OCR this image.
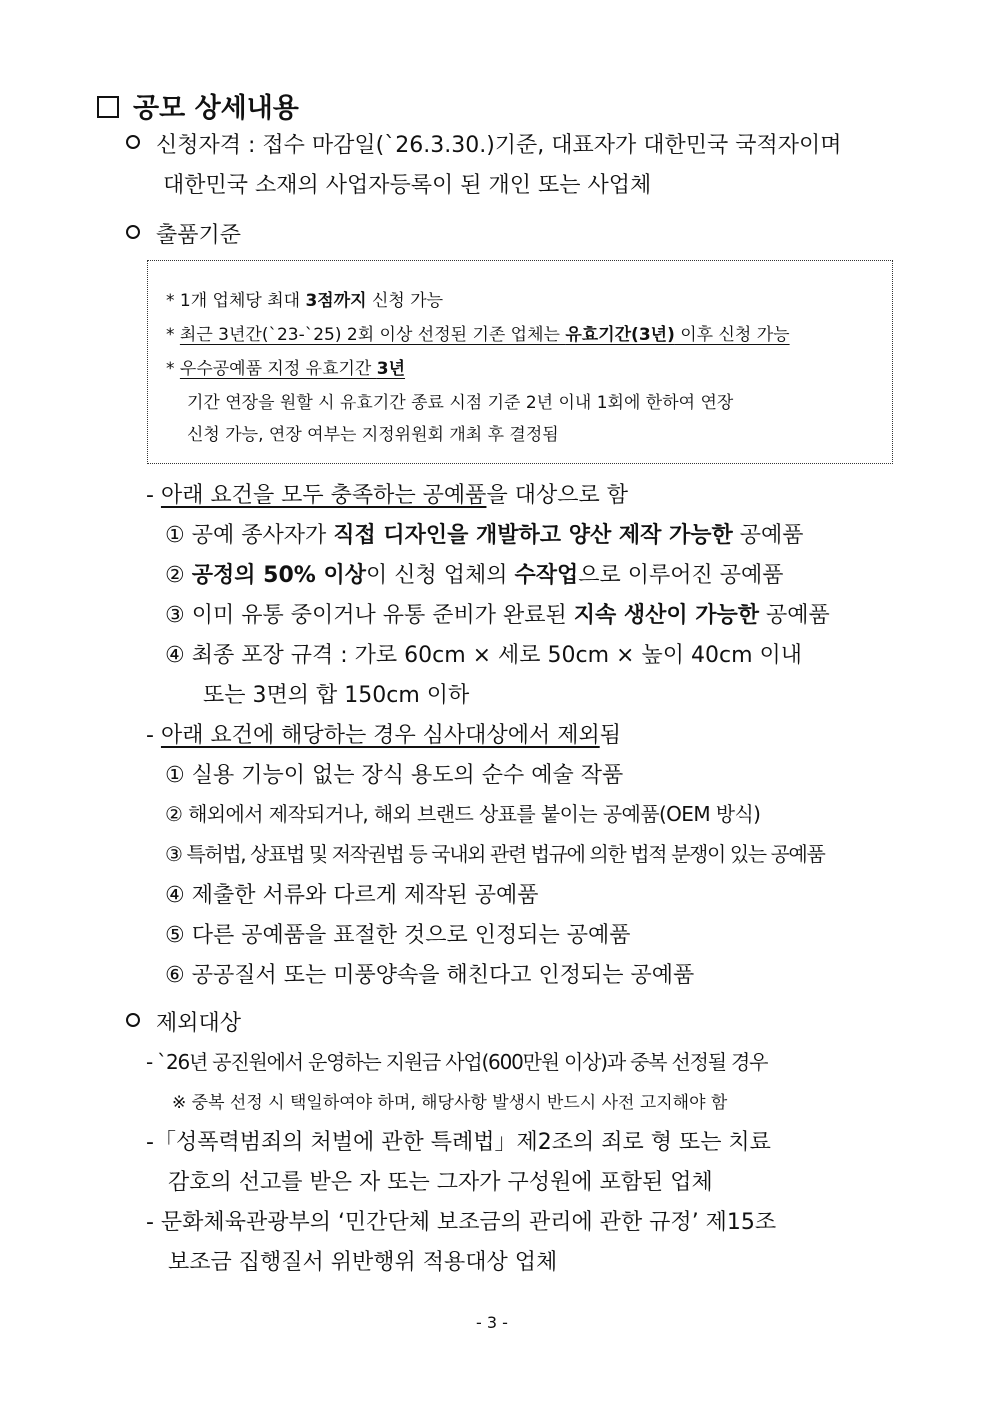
공모 상세내용
신청자격 : 접수 마감일(`26.3.30.)기준, 대표자가 대한민국 국적자이며
대한민국 소재의 사업자등록이 된 개인 또는 사업체
출품기준
* 1개 업체당 최대 3점까지 신청 가능
* 최근 3년간(`23-`25) 2회 이상 선정된 기존 업체는 유효기간(3년) 이후 신청 가능
* 우수공예품 지정 유효기간 3년
기간 연장을 원할 시 유효기간 종료 시점 기준 2년 이내 1회에 한하여 연장
신청 가능, 연장 여부는 지정위원회 개최 후 결정됨
- 아래 요건을 모두 충족하는 공예품을 대상으로 함
① 공예 종사자가 직접 디자인을 개발하고 양산 제작 가능한 공예품
② 공정의 50% 이상이 신청 업체의 수작업으로 이루어진 공예품
③ 이미 유통 중이거나 유통 준비가 완료된 지속 생산이 가능한 공예품
④ 최종 포장 규격 : 가로 60cm × 세로 50cm × 높이 40cm 이내
또는 3면의 합 150cm 이하
- 아래 요건에 해당하는 경우 심사대상에서 제외됨
① 실용 기능이 없는 장식 용도의 순수 예술 작품
② 해외에서 제작되거나, 해외 브랜드 상표를 붙이는 공예품(OEM 방식)
③ 특허법, 상표법 및 저작권법 등 국내외 관련 법규에 의한 법적 분쟁이 있는 공예품
④ 제출한 서류와 다르게 제작된 공예품
⑤ 다른 공예품을 표절한 것으로 인정되는 공예품
⑥ 공공질서 또는 미풍양속을 해친다고 인정되는 공예품
제외대상
- `26년 공진원에서 운영하는 지원금 사업(600만원 이상)과 중복 선정될 경우
※ 중복 선정 시 택일하여야 하며, 해당사항 발생시 반드시 사전 고지해야 함
-「성폭력범죄의 처벌에 관한 특례법」제2조의 죄로 형 또는 치료
감호의 선고를 받은 자 또는 그자가 구성원에 포함된 업체
- 문화체육관광부의 ‘민간단체 보조금의 관리에 관한 규정’ 제15조
보조금 집행질서 위반행위 적용대상 업체
- 3 -
